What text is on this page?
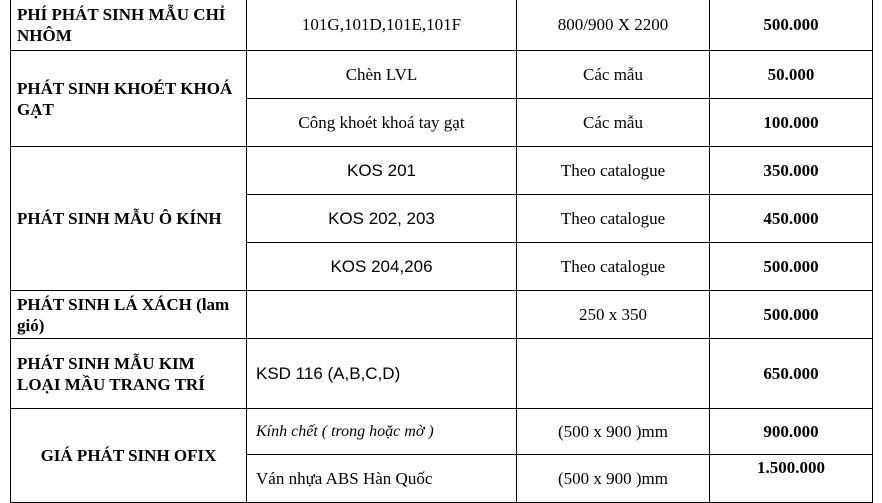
PHÍ PHÁT SINH MẪU CHỈ NHÔM	101G,101D,101E,101F	800/900 X 2200	500.000
PHÁT SINH KHOÉT KHOÁ GẠT	Chèn LVL	Các mẫu	50.000
	Công khoét khoá tay gạt	Các mẫu	100.000
PHÁT SINH MẪU Ô KÍNH	KOS 201	Theo catalogue	350.000
	KOS 202, 203	Theo catalogue	450.000
	KOS 204,206	Theo catalogue	500.000
PHÁT SINH LÁ XÁCH (lam gió)		250 x 350	500.000
PHÁT SINH MẪU KIM LOẠI MẦU TRANG TRÍ	KSD 116 (A,B,C,D)		650.000
GIÁ PHÁT SINH OFIX	Kính chết ( trong hoặc mờ )	(500 x 900 )mm	900.000
	Ván nhựa ABS Hàn Quốc	(500 x 900 )mm	1.500.000
